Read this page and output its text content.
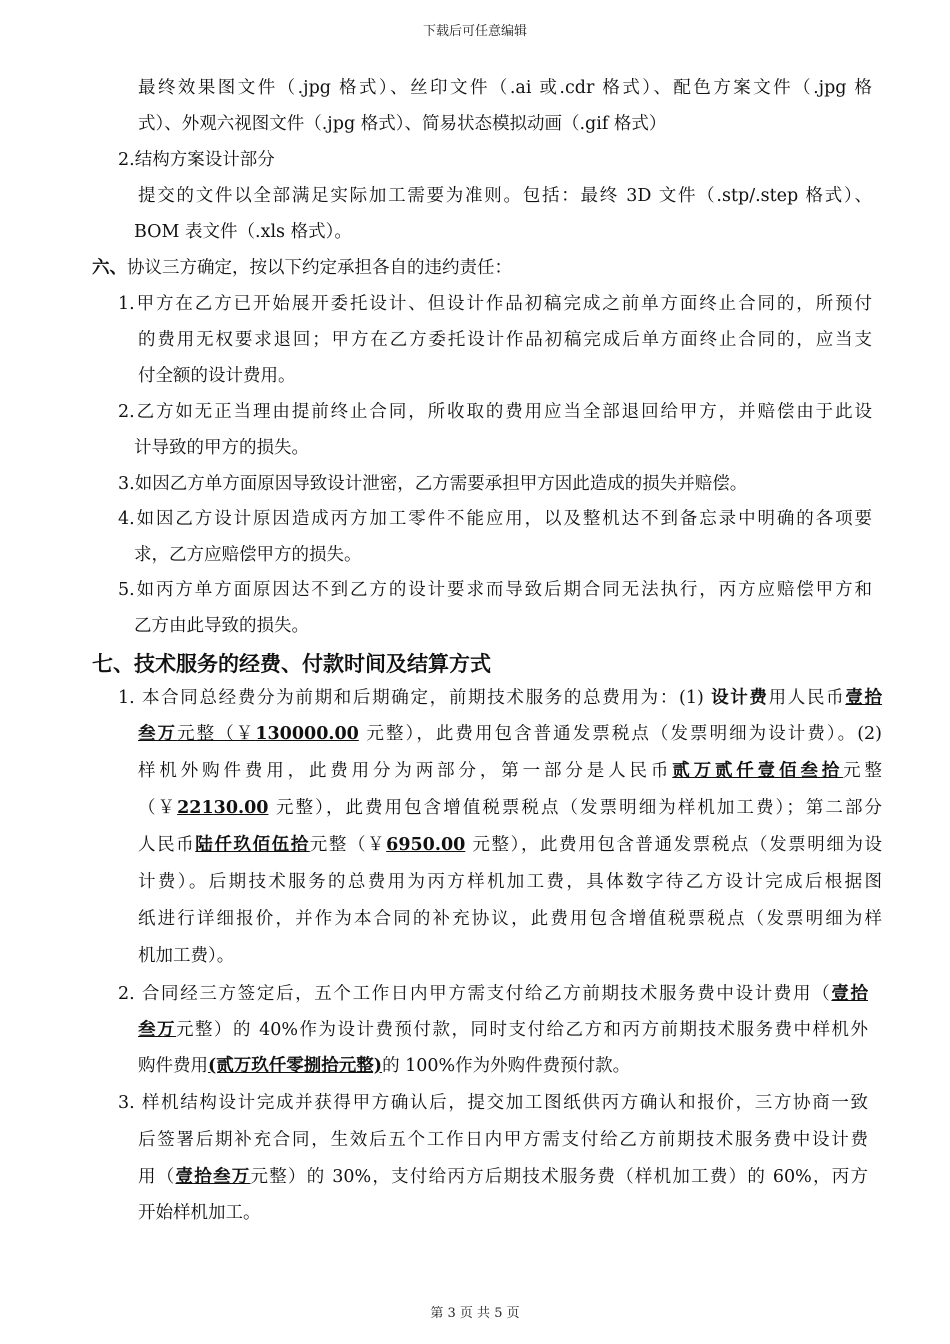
下载后可任意编辑
最终效果图文件（.jpg 格式）、丝印文件（.ai 或.cdr 格式）、配色方案文件（.jpg 格
式）、外观六视图文件（.jpg 格式）、简易状态模拟动画（.gif 格式）
2.结构方案设计部分
提交的文件以全部满足实际加工需要为准则。包括：最终 3D 文件（.stp/.step 格式）、
BOM 表文件（.xls 格式）。
六、协议三方确定，按以下约定承担各自的违约责任：
1.甲方在乙方已开始展开委托设计、但设计作品初稿完成之前单方面终止合同的，所预付
的费用无权要求退回；甲方在乙方委托设计作品初稿完成后单方面终止合同的，应当支
付全额的设计费用。
2.乙方如无正当理由提前终止合同，所收取的费用应当全部退回给甲方，并赔偿由于此设
计导致的甲方的损失。
3.如因乙方单方面原因导致设计泄密，乙方需要承担甲方因此造成的损失并赔偿。
4.如因乙方设计原因造成丙方加工零件不能应用，以及整机达不到备忘录中明确的各项要
求，乙方应赔偿甲方的损失。
5.如丙方单方面原因达不到乙方的设计要求而导致后期合同无法执行，丙方应赔偿甲方和
乙方由此导致的损失。
七、技术服务的经费、付款时间及结算方式
1. 本合同总经费分为前期和后期确定，前期技术服务的总费用为：(1) 设计费用人民币壹拾
叁万元整（￥130000.00 元整），此费用包含普通发票税点（发票明细为设计费）。(2)
样机外购件费用，此费用分为两部分，第一部分是人民币贰万贰仟壹佰叁拾元整
（￥22130.00 元整），此费用包含增值税票税点（发票明细为样机加工费）；第二部分
人民币陆仟玖佰伍拾元整（￥6950.00 元整），此费用包含普通发票税点（发票明细为设
计费）。后期技术服务的总费用为丙方样机加工费，具体数字待乙方设计完成后根据图
纸进行详细报价，并作为本合同的补充协议，此费用包含增值税票税点（发票明细为样
机加工费）。
2. 合同经三方签定后，五个工作日内甲方需支付给乙方前期技术服务费中设计费用（壹拾
叁万元整）的 40%作为设计费预付款，同时支付给乙方和丙方前期技术服务费中样机外
购件费用(贰万玖仟零捌拾元整)的 100%作为外购件费预付款。
3. 样机结构设计完成并获得甲方确认后，提交加工图纸供丙方确认和报价，三方协商一致
后签署后期补充合同，生效后五个工作日内甲方需支付给乙方前期技术服务费中设计费
用（壹拾叁万元整）的 30%，支付给丙方后期技术服务费（样机加工费）的 60%，丙方
开始样机加工。
第 3 页 共 5 页
